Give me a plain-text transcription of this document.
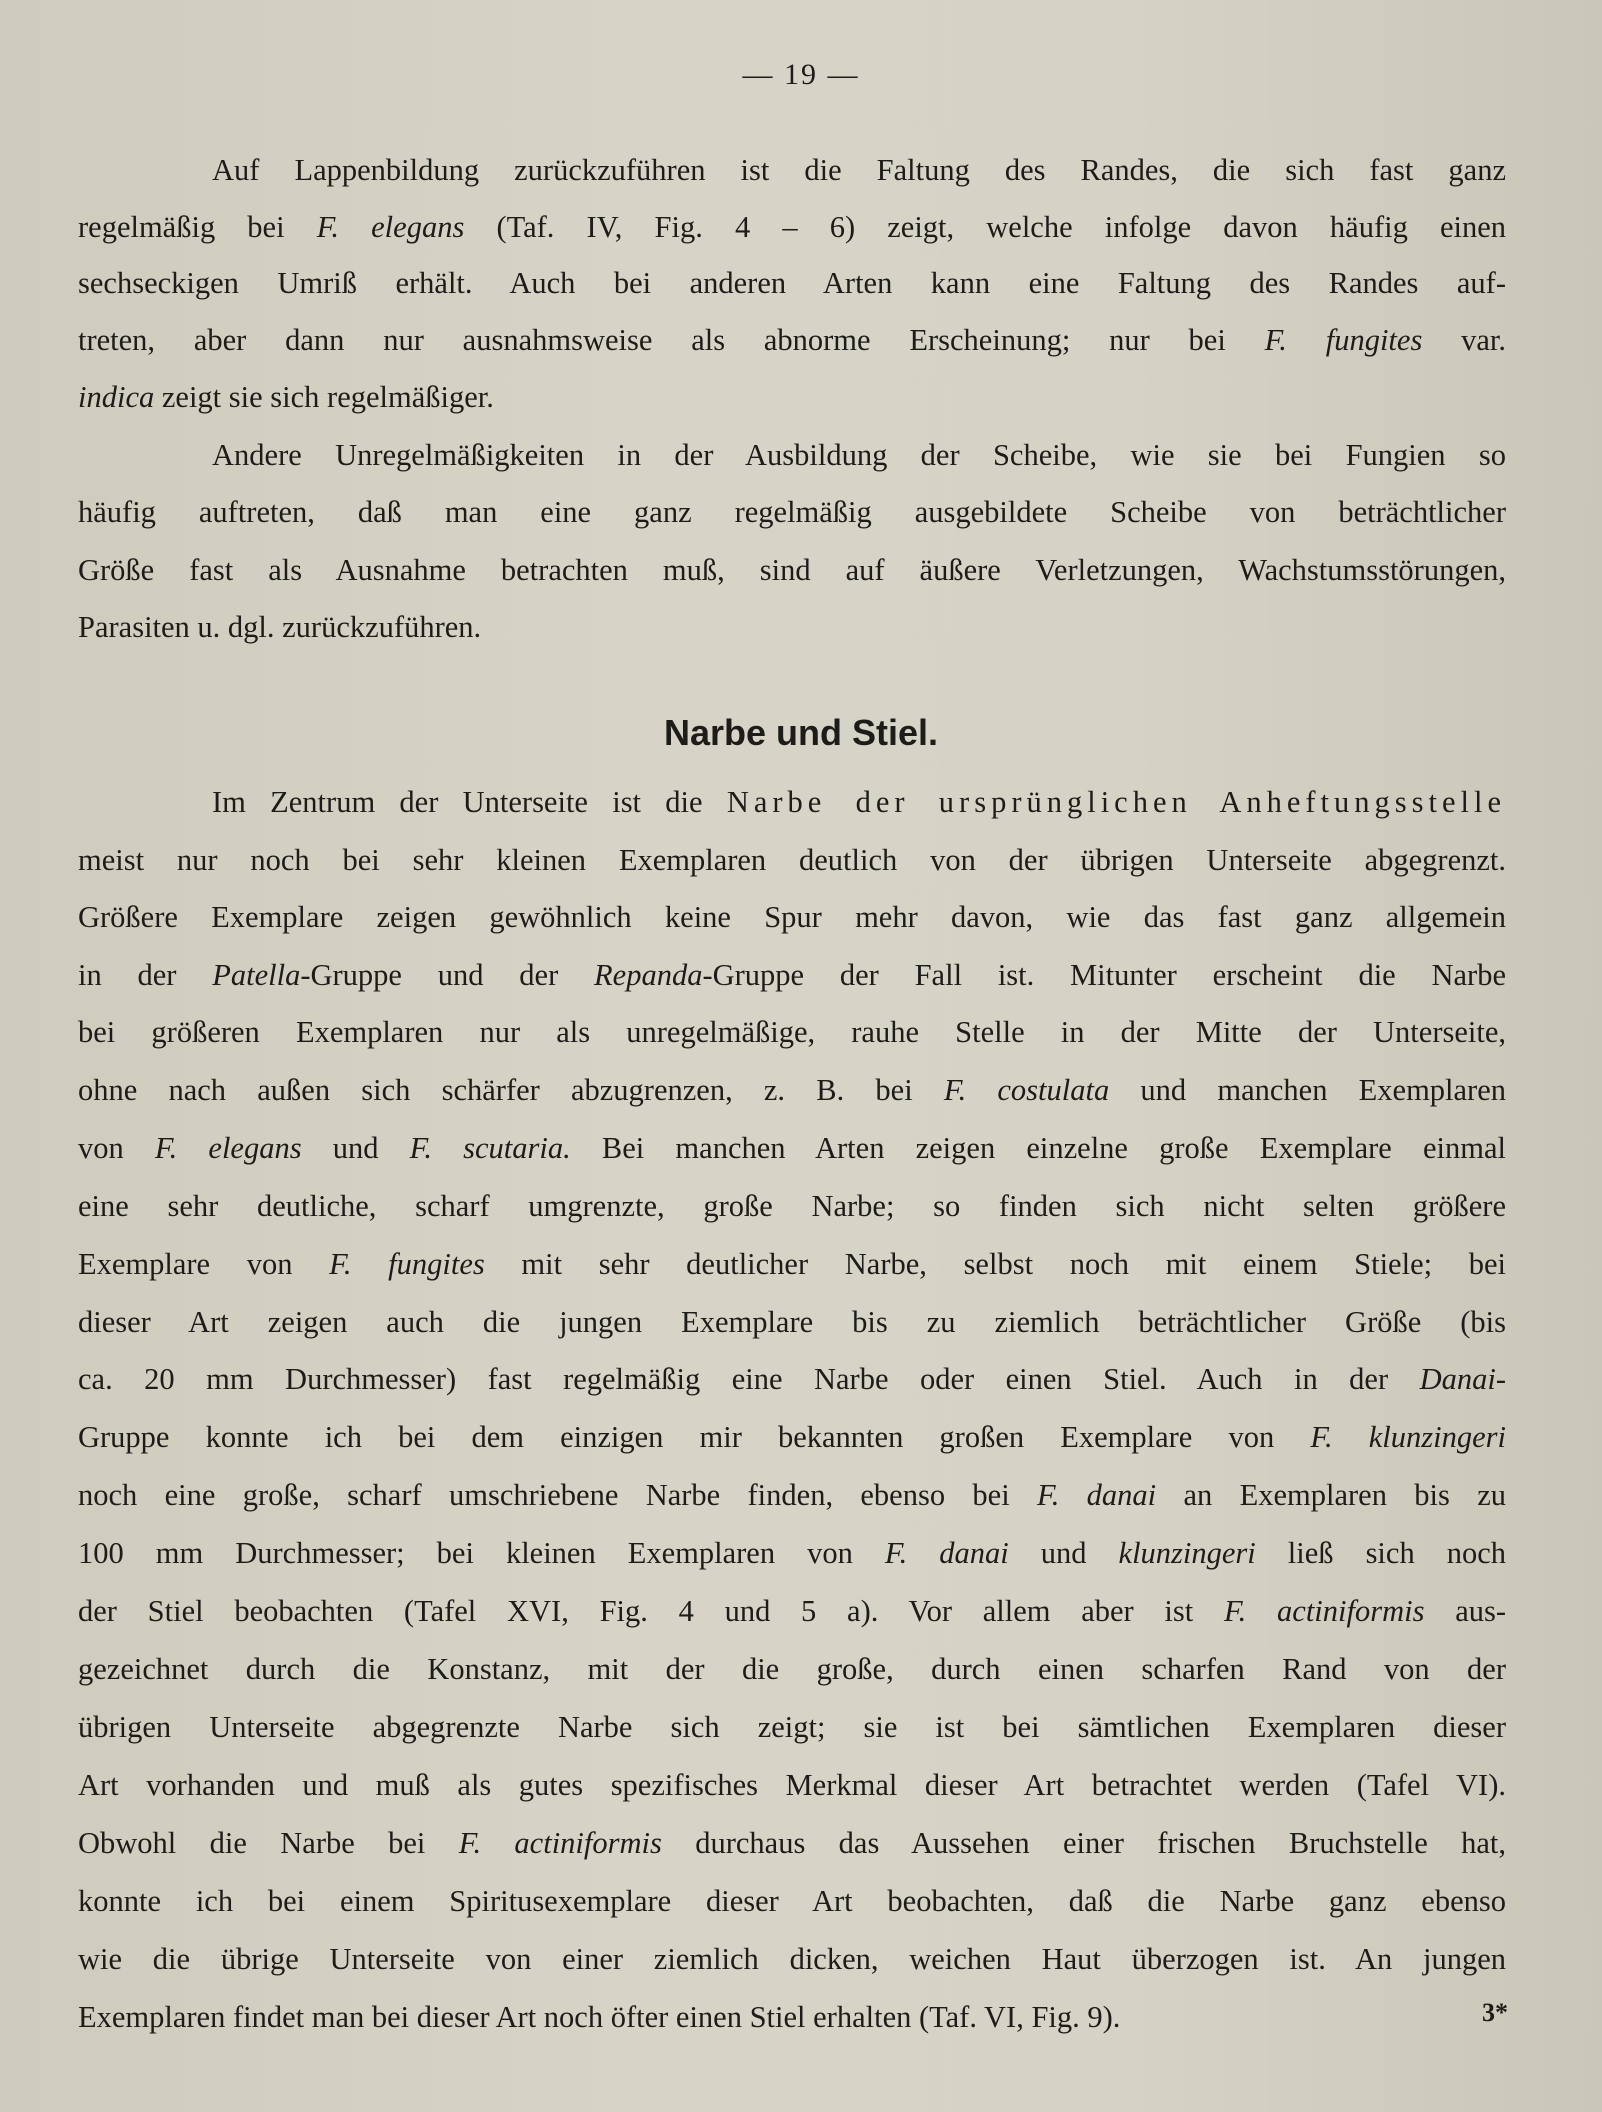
— 19 —
Auf Lappenbildung zurückzuführen ist die Faltung des Randes, die sich fast ganz
regelmäßig bei F. elegans (Taf. IV, Fig. 4 – 6) zeigt, welche infolge davon häufig einen
sechseckigen Umriß erhält. Auch bei anderen Arten kann eine Faltung des Randes auf-
treten, aber dann nur ausnahmsweise als abnorme Erscheinung; nur bei F. fungites var.
indica zeigt sie sich regelmäßiger.
Andere Unregelmäßigkeiten in der Ausbildung der Scheibe, wie sie bei Fungien so
häufig auftreten, daß man eine ganz regelmäßig ausgebildete Scheibe von beträchtlicher
Größe fast als Ausnahme betrachten muß, sind auf äußere Verletzungen, Wachstumsstörungen,
Parasiten u. dgl. zurückzuführen.
Narbe und Stiel.
Im Zentrum der Unterseite ist die Narbe der ursprünglichen Anheftungsstelle
meist nur noch bei sehr kleinen Exemplaren deutlich von der übrigen Unterseite abgegrenzt.
Größere Exemplare zeigen gewöhnlich keine Spur mehr davon, wie das fast ganz allgemein
in der Patella-Gruppe und der Repanda-Gruppe der Fall ist. Mitunter erscheint die Narbe
bei größeren Exemplaren nur als unregelmäßige, rauhe Stelle in der Mitte der Unterseite,
ohne nach außen sich schärfer abzugrenzen, z. B. bei F. costulata und manchen Exemplaren
von F. elegans und F. scutaria. Bei manchen Arten zeigen einzelne große Exemplare einmal
eine sehr deutliche, scharf umgrenzte, große Narbe; so finden sich nicht selten größere
Exemplare von F. fungites mit sehr deutlicher Narbe, selbst noch mit einem Stiele; bei
dieser Art zeigen auch die jungen Exemplare bis zu ziemlich beträchtlicher Größe (bis
ca. 20 mm Durchmesser) fast regelmäßig eine Narbe oder einen Stiel. Auch in der Danai-
Gruppe konnte ich bei dem einzigen mir bekannten großen Exemplare von F. klunzingeri
noch eine große, scharf umschriebene Narbe finden, ebenso bei F. danai an Exemplaren bis zu
100 mm Durchmesser; bei kleinen Exemplaren von F. danai und klunzingeri ließ sich noch
der Stiel beobachten (Tafel XVI, Fig. 4 und 5 a). Vor allem aber ist F. actiniformis aus-
gezeichnet durch die Konstanz, mit der die große, durch einen scharfen Rand von der
übrigen Unterseite abgegrenzte Narbe sich zeigt; sie ist bei sämtlichen Exemplaren dieser
Art vorhanden und muß als gutes spezifisches Merkmal dieser Art betrachtet werden (Tafel VI).
Obwohl die Narbe bei F. actiniformis durchaus das Aussehen einer frischen Bruchstelle hat,
konnte ich bei einem Spiritusexemplare dieser Art beobachten, daß die Narbe ganz ebenso
wie die übrige Unterseite von einer ziemlich dicken, weichen Haut überzogen ist. An jungen
Exemplaren findet man bei dieser Art noch öfter einen Stiel erhalten (Taf. VI, Fig. 9).	3*
